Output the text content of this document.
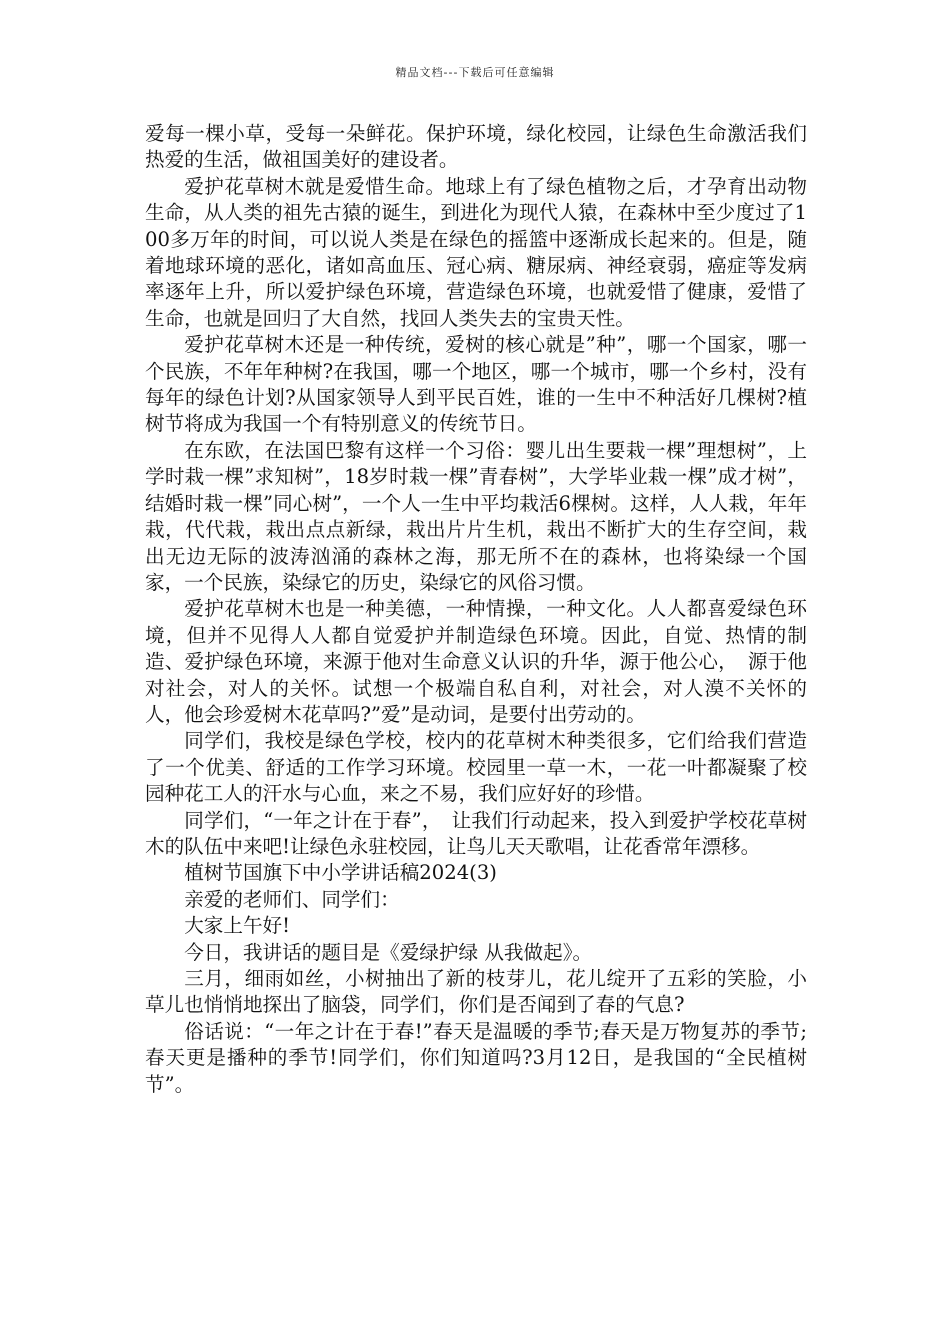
精品文档---下载后可任意编辑

爱每一棵小草，受每一朵鲜花。保护环境，绿化校园，让绿色生命激活我们热爱的生活，做祖国美好的建设者。

爱护花草树木就是爱惜生命。地球上有了绿色植物之后，才孕育出动物生命，从人类的祖先古猿的诞生，到进化为现代人猿，在森林中至少度过了100多万年的时间，可以说人类是在绿色的摇篮中逐渐成长起来的。但是，随着地球环境的恶化，诸如高血压、冠心病、糖尿病、神经衰弱，癌症等发病率逐年上升，所以爱护绿色环境，营造绿色环境，也就爱惜了健康，爱惜了生命，也就是回归了大自然，找回人类失去的宝贵天性。

爱护花草树木还是一种传统，爱树的核心就是”种”，哪一个国家，哪一个民族，不年年种树?在我国，哪一个地区，哪一个城市，哪一个乡村，没有每年的绿色计划?从国家领导人到平民百姓，谁的一生中不种活好几棵树?植树节将成为我国一个有特别意义的传统节日。

在东欧，在法国巴黎有这样一个习俗：婴儿出生要栽一棵”理想树”，上学时栽一棵”求知树”，18岁时栽一棵”青春树”，大学毕业栽一棵”成才树”，结婚时栽一棵”同心树”，一个人一生中平均栽活6棵树。这样，人人栽，年年栽，代代栽，栽出点点新绿，栽出片片生机，栽出不断扩大的生存空间，栽出无边无际的波涛汹涌的森林之海，那无所不在的森林，也将染绿一个国家，一个民族，染绿它的历史，染绿它的风俗习惯。

爱护花草树木也是一种美德，一种情操，一种文化。人人都喜爱绿色环境，但并不见得人人都自觉爱护并制造绿色环境。因此，自觉、热情的制造、爱护绿色环境，来源于他对生命意义认识的升华，源于他公心，　源于他对社会，对人的关怀。试想一个极端自私自利，对社会，对人漠不关怀的人，他会珍爱树木花草吗?”爱”是动词，是要付出劳动的。

同学们，我校是绿色学校，校内的花草树木种类很多，它们给我们营造了一个优美、舒适的工作学习环境。校园里一草一木，一花一叶都凝聚了校园种花工人的汗水与心血，来之不易，我们应好好的珍惜。

同学们，“一年之计在于春”，　让我们行动起来，投入到爱护学校花草树木的队伍中来吧!让绿色永驻校园，让鸟儿天天歌唱，让花香常年漂移。

植树节国旗下中小学讲话稿2024(3)

亲爱的老师们、同学们：

大家上午好!

今日，我讲话的题目是《爱绿护绿 从我做起》。

三月，细雨如丝，小树抽出了新的枝芽儿，花儿绽开了五彩的笑脸，小草儿也悄悄地探出了脑袋，同学们，你们是否闻到了春的气息?

俗话说：“一年之计在于春!”春天是温暖的季节;春天是万物复苏的季节;春天更是播种的季节!同学们，你们知道吗?3月12日，是我国的“全民植树节”。
